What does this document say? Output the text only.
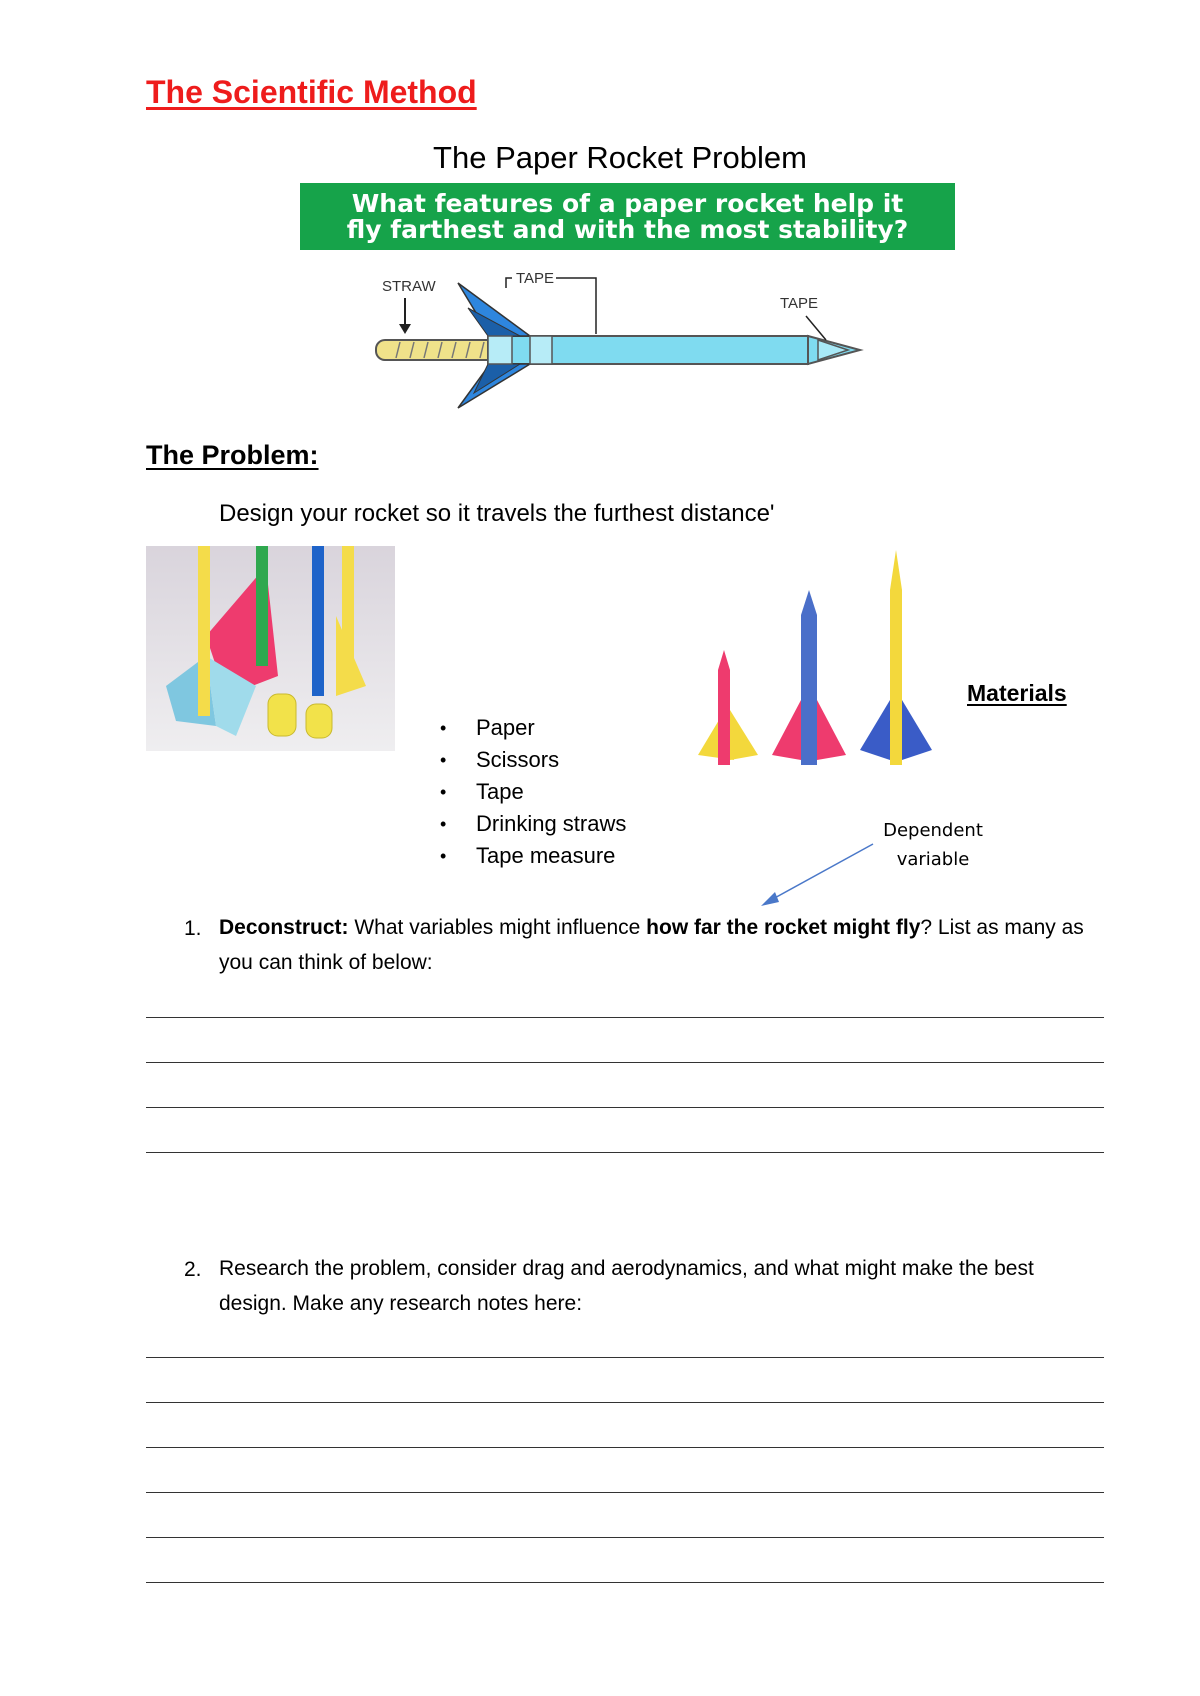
The Scientific Method
The Paper Rocket Problem
What features of a paper rocket help it
fly farthest and with the most stability?
STRAW	TAPE
TAPE
The Problem:
Design your rocket so it travels the furthest distance'
Materials
• Paper
• Scissors
• Tape
• Drinking straws
• Tape measure
Dependent
variable
1. Deconstruct: What variables might influence how far the rocket might fly? List as many as you can think of below:
2. Research the problem, consider drag and aerodynamics, and what might make the best design. Make any research notes here:
